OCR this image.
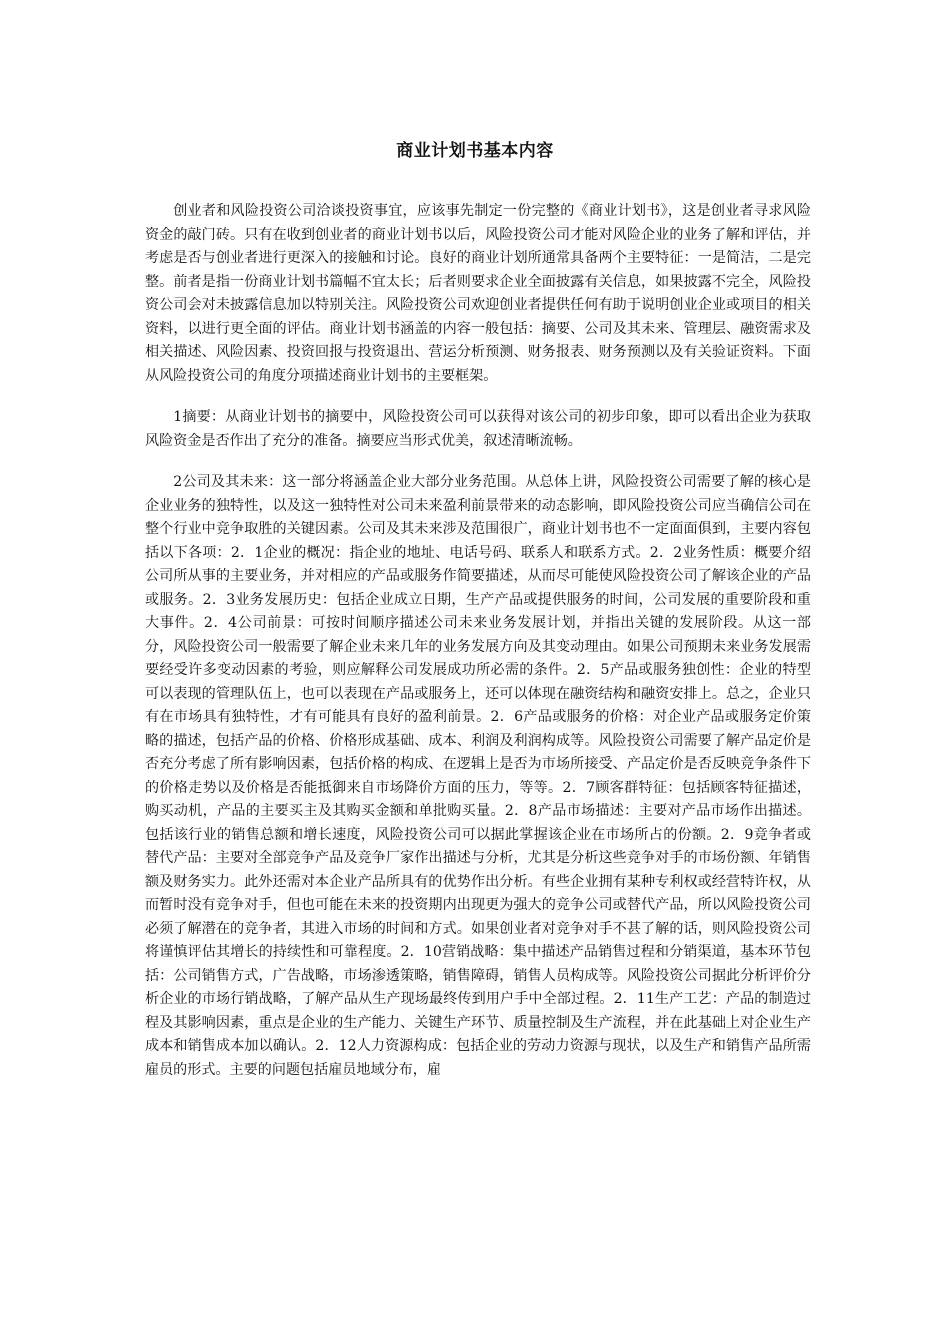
商业计划书基本内容

创业者和风险投资公司洽谈投资事宜，应该事先制定一份完整的《商业计划书》，这是创业者寻求风险资金的敲门砖。只有在收到创业者的商业计划书以后，风险投资公司才能对风险企业的业务了解和评估，并考虑是否与创业者进行更深入的接触和讨论。良好的商业计划所通常具备两个主要特征：一是简洁，二是完整。前者是指一份商业计划书篇幅不宜太长；后者则要求企业全面披露有关信息，如果披露不完全，风险投资公司会对未披露信息加以特别关注。风险投资公司欢迎创业者提供任何有助于说明创业企业或项目的相关资料，以进行更全面的评估。商业计划书涵盖的内容一般包括：摘要、公司及其未来、管理层、融资需求及相关描述、风险因素、投资回报与投资退出、营运分析预测、财务报表、财务预测以及有关验证资料。下面从风险投资公司的角度分项描述商业计划书的主要框架。

1摘要：从商业计划书的摘要中，风险投资公司可以获得对该公司的初步印象，即可以看出企业为获取风险资金是否作出了充分的准备。摘要应当形式优美，叙述清晰流畅。

2公司及其未来：这一部分将涵盖企业大部分业务范围。从总体上讲，风险投资公司需要了解的核心是企业业务的独特性，以及这一独特性对公司未来盈利前景带来的动态影响，即风险投资公司应当确信公司在整个行业中竞争取胜的关键因素。公司及其未来涉及范围很广，商业计划书也不一定面面俱到，主要内容包括以下各项：2．1企业的概况：指企业的地址、电话号码、联系人和联系方式。2．2业务性质：概要介绍公司所从事的主要业务，并对相应的产品或服务作简要描述，从而尽可能使风险投资公司了解该企业的产品或服务。2．3业务发展历史：包括企业成立日期，生产产品或提供服务的时间，公司发展的重要阶段和重大事件。2．4公司前景：可按时间顺序描述公司未来业务发展计划，并指出关键的发展阶段。从这一部分，风险投资公司一般需要了解企业未来几年的业务发展方向及其变动理由。如果公司预期未来业务发展需要经受许多变动因素的考验，则应解释公司发展成功所必需的条件。2．5产品或服务独创性：企业的特型可以表现的管理队伍上，也可以表现在产品或服务上，还可以体现在融资结构和融资安排上。总之，企业只有在市场具有独特性，才有可能具有良好的盈利前景。2．6产品或服务的价格：对企业产品或服务定价策略的描述，包括产品的价格、价格形成基础、成本、利润及利润构成等。风险投资公司需要了解产品定价是否充分考虑了所有影响因素，包括价格的构成、在逻辑上是否为市场所接受、产品定价是否反映竞争条件下的价格走势以及价格是否能抵御来自市场降价方面的压力，等等。2．7顾客群特征：包括顾客特征描述，购买动机，产品的主要买主及其购买金额和单批购买量。2．8产品市场描述：主要对产品市场作出描述。包括该行业的销售总额和增长速度，风险投资公司可以据此掌握该企业在市场所占的份额。2．9竞争者或替代产品：主要对全部竞争产品及竞争厂家作出描述与分析，尤其是分析这些竞争对手的市场份额、年销售额及财务实力。此外还需对本企业产品所具有的优势作出分析。有些企业拥有某种专利权或经营特许权，从而暂时没有竞争对手，但也可能在未来的投资期内出现更为强大的竞争公司或替代产品，所以风险投资公司必须了解潜在的竞争者，其进入市场的时间和方式。如果创业者对竞争对手不甚了解的话，则风险投资公司将谨慎评估其增长的持续性和可靠程度。2．10营销战略：集中描述产品销售过程和分销渠道，基本环节包括：公司销售方式，广告战略，市场渗透策略，销售障碍，销售人员构成等。风险投资公司据此分析评价分析企业的市场行销战略，了解产品从生产现场最终传到用户手中全部过程。2．11生产工艺：产品的制造过程及其影响因素，重点是企业的生产能力、关键生产环节、质量控制及生产流程，并在此基础上对企业生产成本和销售成本加以确认。2．12人力资源构成：包括企业的劳动力资源与现状，以及生产和销售产品所需雇员的形式。主要的问题包括雇员地域分布，雇
